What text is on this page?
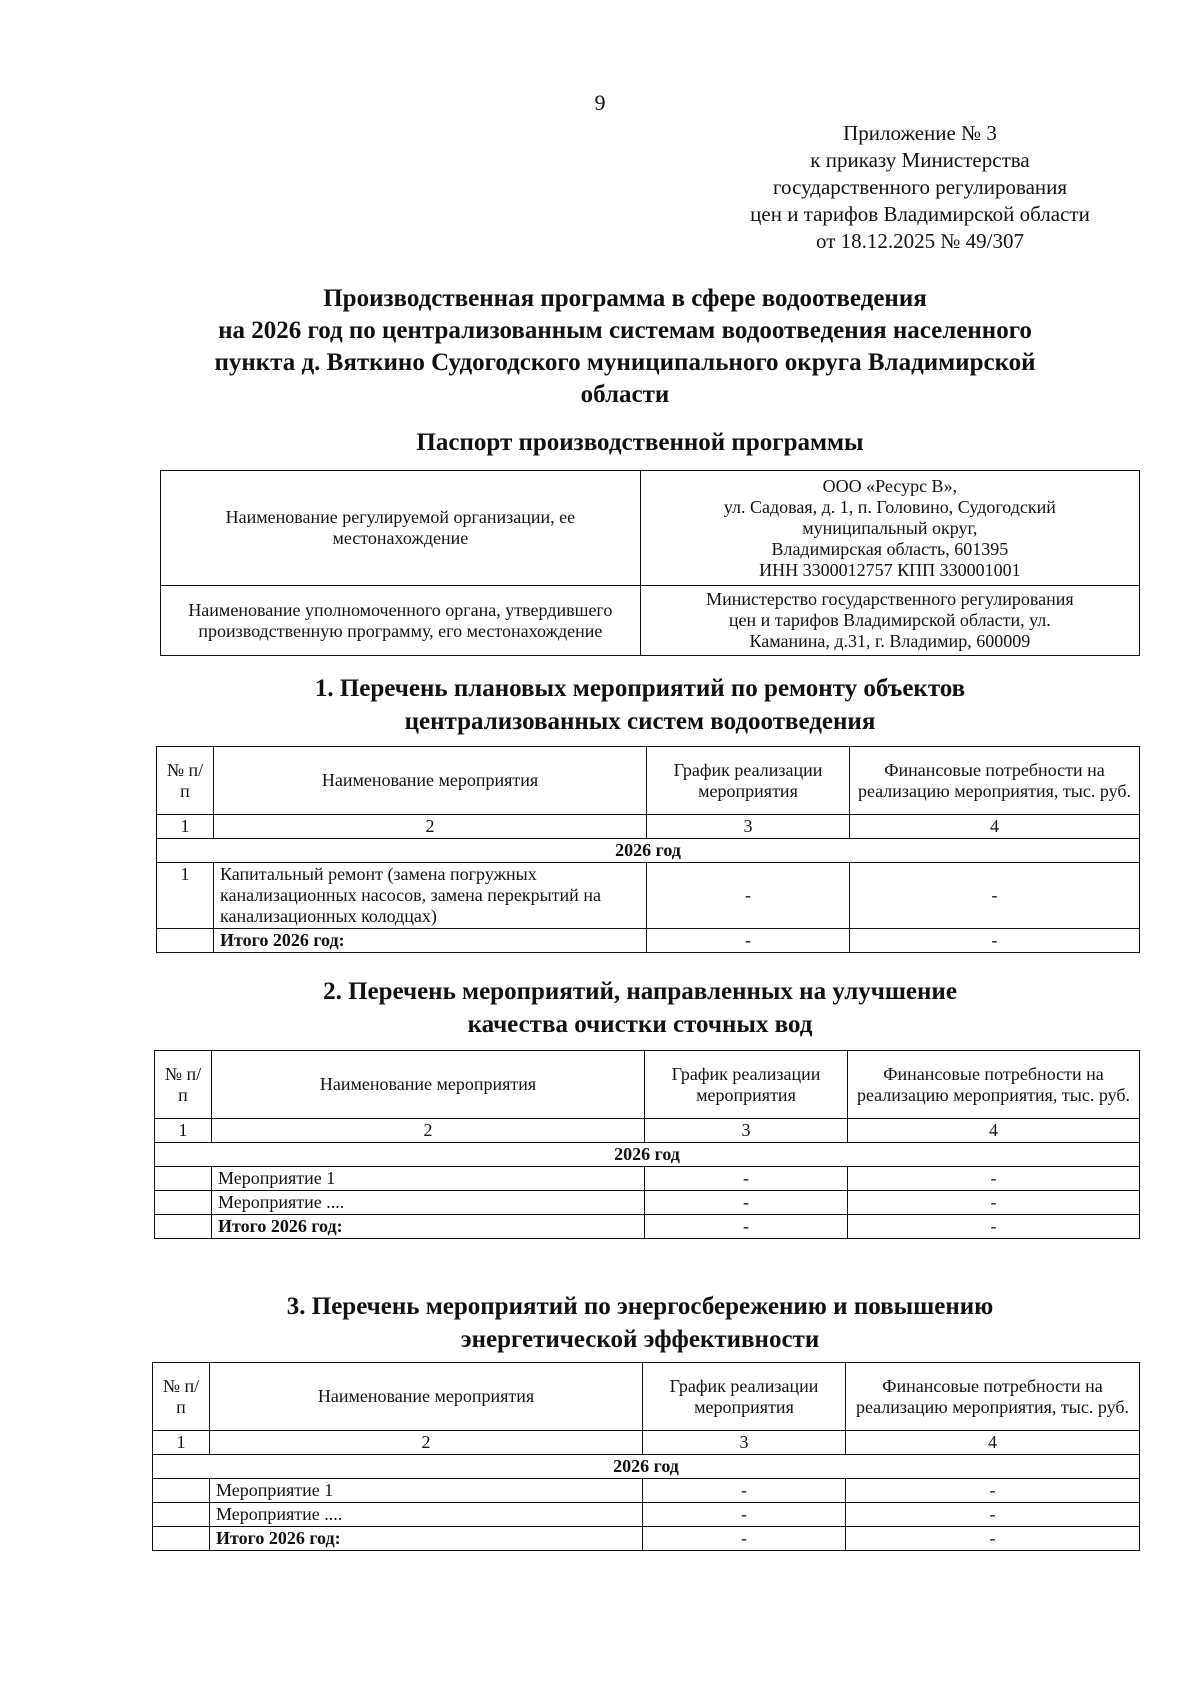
9
Приложение № 3
к приказу Министерства
государственного регулирования
цен и тарифов Владимирской области
от 18.12.2025 № 49/307
Производственная программа в сфере водоотведения
на 2026 год по централизованным системам водоотведения населенного
пункта д. Вяткино Судогодского муниципального округа Владимирской
области
Паспорт производственной программы
Наименование регулируемой организации, ее местонахождение	ООО «Ресурс В»,
ул. Садовая, д. 1, п. Головино, Судогодский
муниципальный округ,
Владимирская область, 601395
ИНН 3300012757 КПП 330001001

Наименование уполномоченного органа, утвердившего производственную программу, его местонахождение	Министерство государственного регулирования
цен и тарифов Владимирской области, ул.
Каманина, д.31, г. Владимир, 600009
1. Перечень плановых мероприятий по ремонту объектов
централизованных систем водоотведения
№ п/п	Наименование мероприятия	График реализации мероприятия	Финансовые потребности на реализацию мероприятия, тыс. руб.
1	2	3	4
2026 год			
1	Капитальный ремонт (замена погружных канализационных насосов, замена перекрытий на канализационных колодцах)	-	-
	Итого 2026 год:	-	-
2. Перечень мероприятий, направленных на улучшение
качества очистки сточных вод
№ п/п	Наименование мероприятия	График реализации мероприятия	Финансовые потребности на реализацию мероприятия, тыс. руб.
1	2	3	4
2026 год			
	Мероприятие 1	-	-
	Мероприятие ....	-	-
	Итого 2026 год:	-	-
3. Перечень мероприятий по энергосбережению и повышению
энергетической эффективности
№ п/п	Наименование мероприятия	График реализации мероприятия	Финансовые потребности на реализацию мероприятия, тыс. руб.
1	2	3	4
2026 год			
	Мероприятие 1	-	-
	Мероприятие ....	-	-
	Итого 2026 год:	-	-
